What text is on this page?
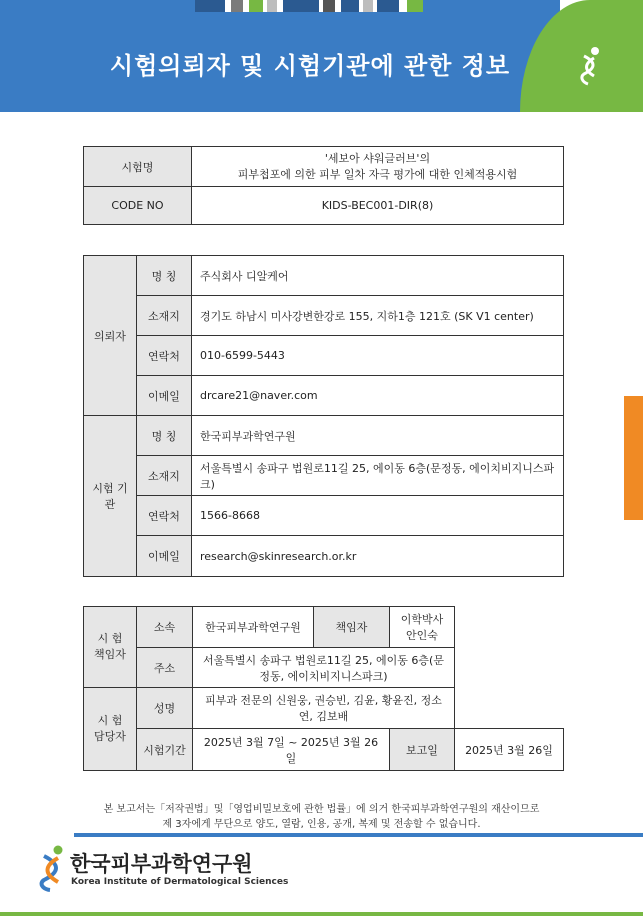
시험의뢰자 및 시험기관에 관한 정보
시험명	'세보아 샤워글러브'의
피부첩포에 의한 피부 일차 자극 평가에 대한 인체적용시험

CODE NO	KIDS-BEC001-DIR(8)
의뢰자	명 칭	주식회사 디알케어
	소재지	경기도 하남시 미사강변한강로 155, 지하1층 121호 (SK V1 center)
	연락처	010-6599-5443
	이메일	drcare21@naver.com
시험 기관	명 칭	한국피부과학연구원
	소재지	서울특별시 송파구 법원로11길 25, 에이동 6층(문정동, 에이치비지니스파크)
	연락처	1566-8668
	이메일	research@skinresearch.or.kr
시 험
책임자	소속	한국피부과학연구원	책임자	이학박사 안인숙	
	주소	서울특별시 송파구 법원로11길 25, 에이동 6층(문정동, 에이치비지니스파크)			

시 험
담당자	성명	피부과 전문의 신원웅, 권승빈, 김윤, 황윤진, 정소연, 김보배			
	시험기간	2025년 3월 7일 ~ 2025년 3월 26일		보고일	2025년 3월 26일
본 보고서는「저작권법」및「영업비밀보호에 관한 법률」에 의거 한국피부과학연구원의 재산이므로
제 3자에게 무단으로 양도, 열람, 인용, 공개, 복제 및 전송할 수 없습니다.
한국피부과학연구원
Korea Institute of Dermatological Sciences
